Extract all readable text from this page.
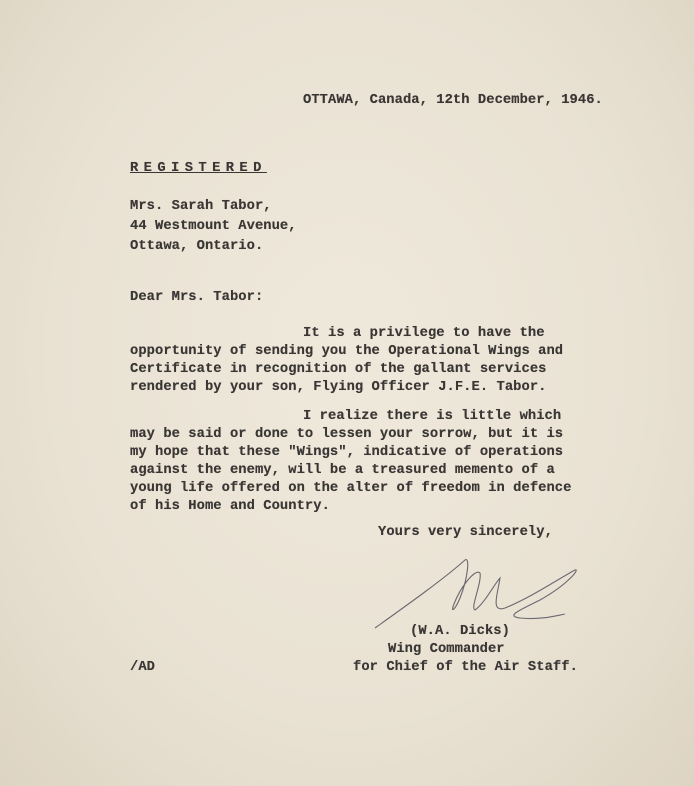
OTTAWA, Canada, 12th December, 1946.
REGISTERED
Mrs. Sarah Tabor,
44 Westmount Avenue,
Ottawa, Ontario.
Dear Mrs. Tabor:
It is a privilege to have the
opportunity of sending you the Operational Wings and
Certificate in recognition of the gallant services
rendered by your son, Flying Officer J.F.E. Tabor.
I realize there is little which
may be said or done to lessen your sorrow, but it is
my hope that these "Wings", indicative of operations
against the enemy, will be a treasured memento of a
young life offered on the alter of freedom in defence
of his Home and Country.
Yours very sincerely,
(W.A. Dicks)
Wing Commander
/AD	for Chief of the Air Staff.
